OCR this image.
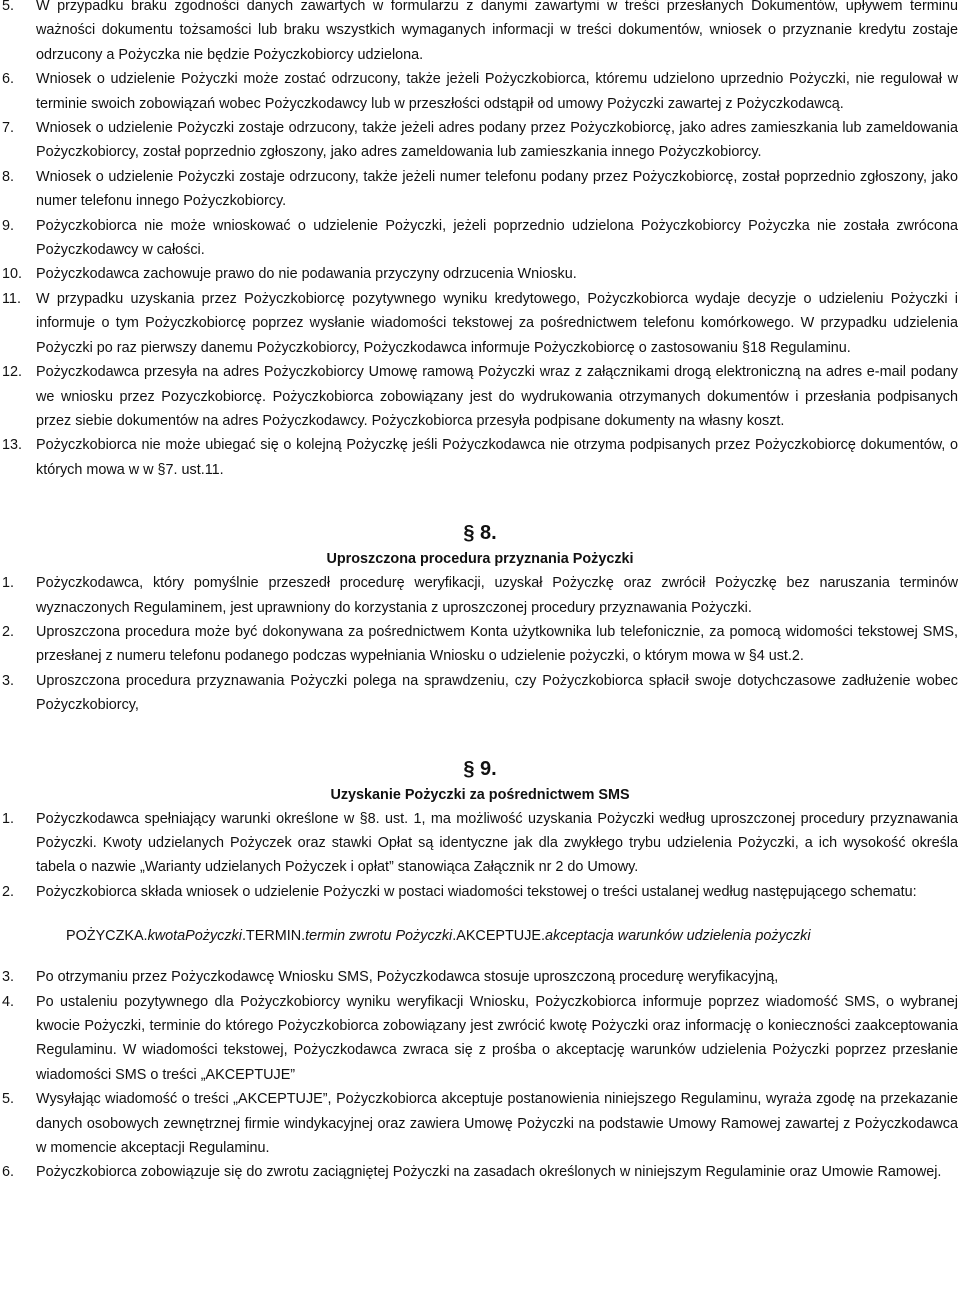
5. W przypadku braku zgodności danych zawartych w formularzu z danymi zawartymi w treści przesłanych Dokumentów, upływem terminu ważności dokumentu tożsamości lub braku wszystkich wymaganych informacji w treści dokumentów, wniosek o przyznanie kredytu zostaje odrzucony a Pożyczka nie będzie Pożyczkobiorcy udzielona.
6. Wniosek o udzielenie Pożyczki może zostać odrzucony, także jeżeli Pożyczkobiorca, któremu udzielono uprzednio Pożyczki, nie regulował w terminie swoich zobowiązań wobec Pożyczkodawcy lub w przeszłości odstąpił od umowy Pożyczki zawartej z Pożyczkodawcą.
7. Wniosek o udzielenie Pożyczki zostaje odrzucony, także jeżeli adres podany przez Pożyczkobiorcę, jako adres zamieszkania lub zameldowania Pożyczkobiorcy, został poprzednio zgłoszony, jako adres zameldowania lub zamieszkania innego Pożyczkobiorcy.
8. Wniosek o udzielenie Pożyczki zostaje odrzucony, także jeżeli numer telefonu podany przez Pożyczkobiorcę, został poprzednio zgłoszony, jako numer telefonu innego Pożyczkobiorcy.
9. Pożyczkobiorca nie może wnioskować o udzielenie Pożyczki, jeżeli poprzednio udzielona Pożyczkobiorcy Pożyczka nie została zwrócona Pożyczkodawcy w całości.
10. Pożyczkodawca zachowuje prawo do nie podawania przyczyny odrzucenia Wniosku.
11. W przypadku uzyskania przez Pożyczkobiorcę pozytywnego wyniku kredytowego, Pożyczkobiorca wydaje decyzje o udzieleniu Pożyczki i informuje o tym Pożyczkobiorcę poprzez wysłanie wiadomości tekstowej za pośrednictwem telefonu komórkowego. W przypadku udzielenia Pożyczki po raz pierwszy danemu Pożyczkobiorcy, Pożyczkodawca informuje Pożyczkobiorcę o zastosowaniu §18 Regulaminu.
12. Pożyczkodawca przesyła na adres Pożyczkobiorcy Umowę ramową Pożyczki wraz z załącznikami drogą elektroniczną na adres e-mail podany we wniosku przez Pozyczkobiorcę. Pożyczkobiorca zobowiązany jest do wydrukowania otrzymanych dokumentów i przesłania podpisanych przez siebie dokumentów na adres Pożyczkodawcy. Pożyczkobiorca przesyła podpisane dokumenty na własny koszt.
13. Pożyczkobiorca nie może ubiegać się o kolejną Pożyczkę jeśli Pożyczkodawca nie otrzyma podpisanych przez Pożyczkobiorcę dokumentów, o których mowa w w §7. ust.11.
§ 8.
Uproszczona procedura przyznania Pożyczki
1. Pożyczkodawca, który pomyślnie przeszedł procedurę weryfikacji, uzyskał Pożyczkę oraz zwrócił Pożyczkę bez naruszania terminów wyznaczonych Regulaminem, jest uprawniony do korzystania z uproszczonej procedury przyznawania Pożyczki.
2. Uproszczona procedura może być dokonywana za pośrednictwem Konta użytkownika lub telefonicznie, za pomocą widomości tekstowej SMS, przesłanej z numeru telefonu podanego podczas wypełniania Wniosku o udzielenie pożyczki, o którym mowa w §4 ust.2.
3. Uproszczona procedura przyznawania Pożyczki polega na sprawdzeniu, czy Pożyczkobiorca spłacił swoje dotychczasowe zadłużenie wobec Pożyczkobiorcy,
§ 9.
Uzyskanie Pożyczki za pośrednictwem SMS
1. Pożyczkodawca spełniający warunki określone w §8. ust. 1, ma możliwość uzyskania Pożyczki według uproszczonej procedury przyznawania Pożyczki. Kwoty udzielanych Pożyczek oraz stawki Opłat są identyczne jak dla zwykłego trybu udzielenia Pożyczki, a ich wysokość określa tabela o nazwie „Warianty udzielanych Pożyczek i opłat” stanowiąca Załącznik nr 2 do Umowy.
2. Pożyczkobiorca składa wniosek o udzielenie Pożyczki w postaci wiadomości tekstowej o treści ustalanej według następującego schematu:
POŻYCZKA.kwotaPożyczki.TERMIN.termin zwrotu Pożyczki.AKCEPTUJE.akceptacja warunków udzielenia pożyczki
3. Po otrzymaniu przez Pożyczkodawcę Wniosku SMS, Pożyczkodawca stosuje uproszczoną procedurę weryfikacyjną,
4. Po ustaleniu pozytywnego dla Pożyczkobiorcy wyniku weryfikacji Wniosku, Pożyczkobiorca informuje poprzez wiadomość SMS, o wybranej kwocie Pożyczki, terminie do którego Pożyczkobiorca zobowiązany jest zwrócić kwotę Pożyczki oraz informację o konieczności zaakceptowania Regulaminu. W wiadomości tekstowej, Pożyczkodawca zwraca się z prośba o akceptację warunków udzielenia Pożyczki poprzez przesłanie wiadomości SMS o treści „AKCEPTUJE”
5. Wysyłając wiadomość o treści „AKCEPTUJE”, Pożyczkobiorca akceptuje postanowienia niniejszego Regulaminu, wyraża zgodę na przekazanie danych osobowych zewnętrznej firmie windykacyjnej oraz zawiera Umowę Pożyczki na podstawie Umowy Ramowej zawartej z Pożyczkodawca w momencie akceptacji Regulaminu.
6. Pożyczkobiorca zobowiązuje się do zwrotu zaciągniętej Pożyczki na zasadach określonych w niniejszym Regulaminie oraz Umowie Ramowej.
